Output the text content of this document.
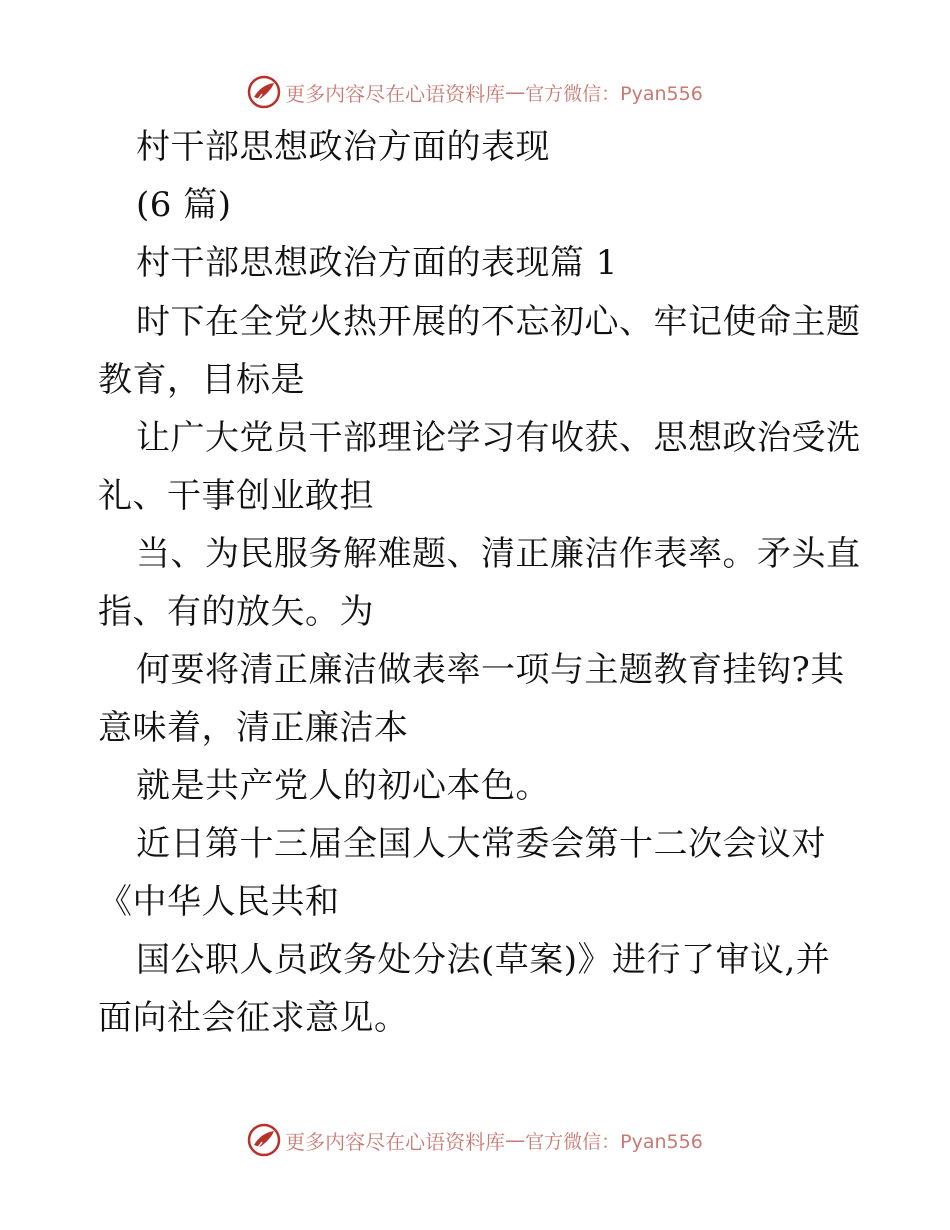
更多内容尽在心语资料库 — 官方微信：Pyan556
村干部思想政治方面的表现
(6 篇)
村干部思想政治方面的表现篇 1
时下在全党火热开展的不忘初心、牢记使命主题
教育，目标是
让广大党员干部理论学习有收获、思想政治受洗
礼、干事创业敢担
当、为民服务解难题、清正廉洁作表率。矛头直
指、有的放矢。为
何要将清正廉洁做表率一项与主题教育挂钩?其
意味着，清正廉洁本
就是共产党人的初心本色。
近日第十三届全国人大常委会第十二次会议对
《中华人民共和
国公职人员政务处分法(草案)》进行了审议,并
面向社会征求意见。
更多内容尽在心语资料库 — 官方微信：Pyan556
